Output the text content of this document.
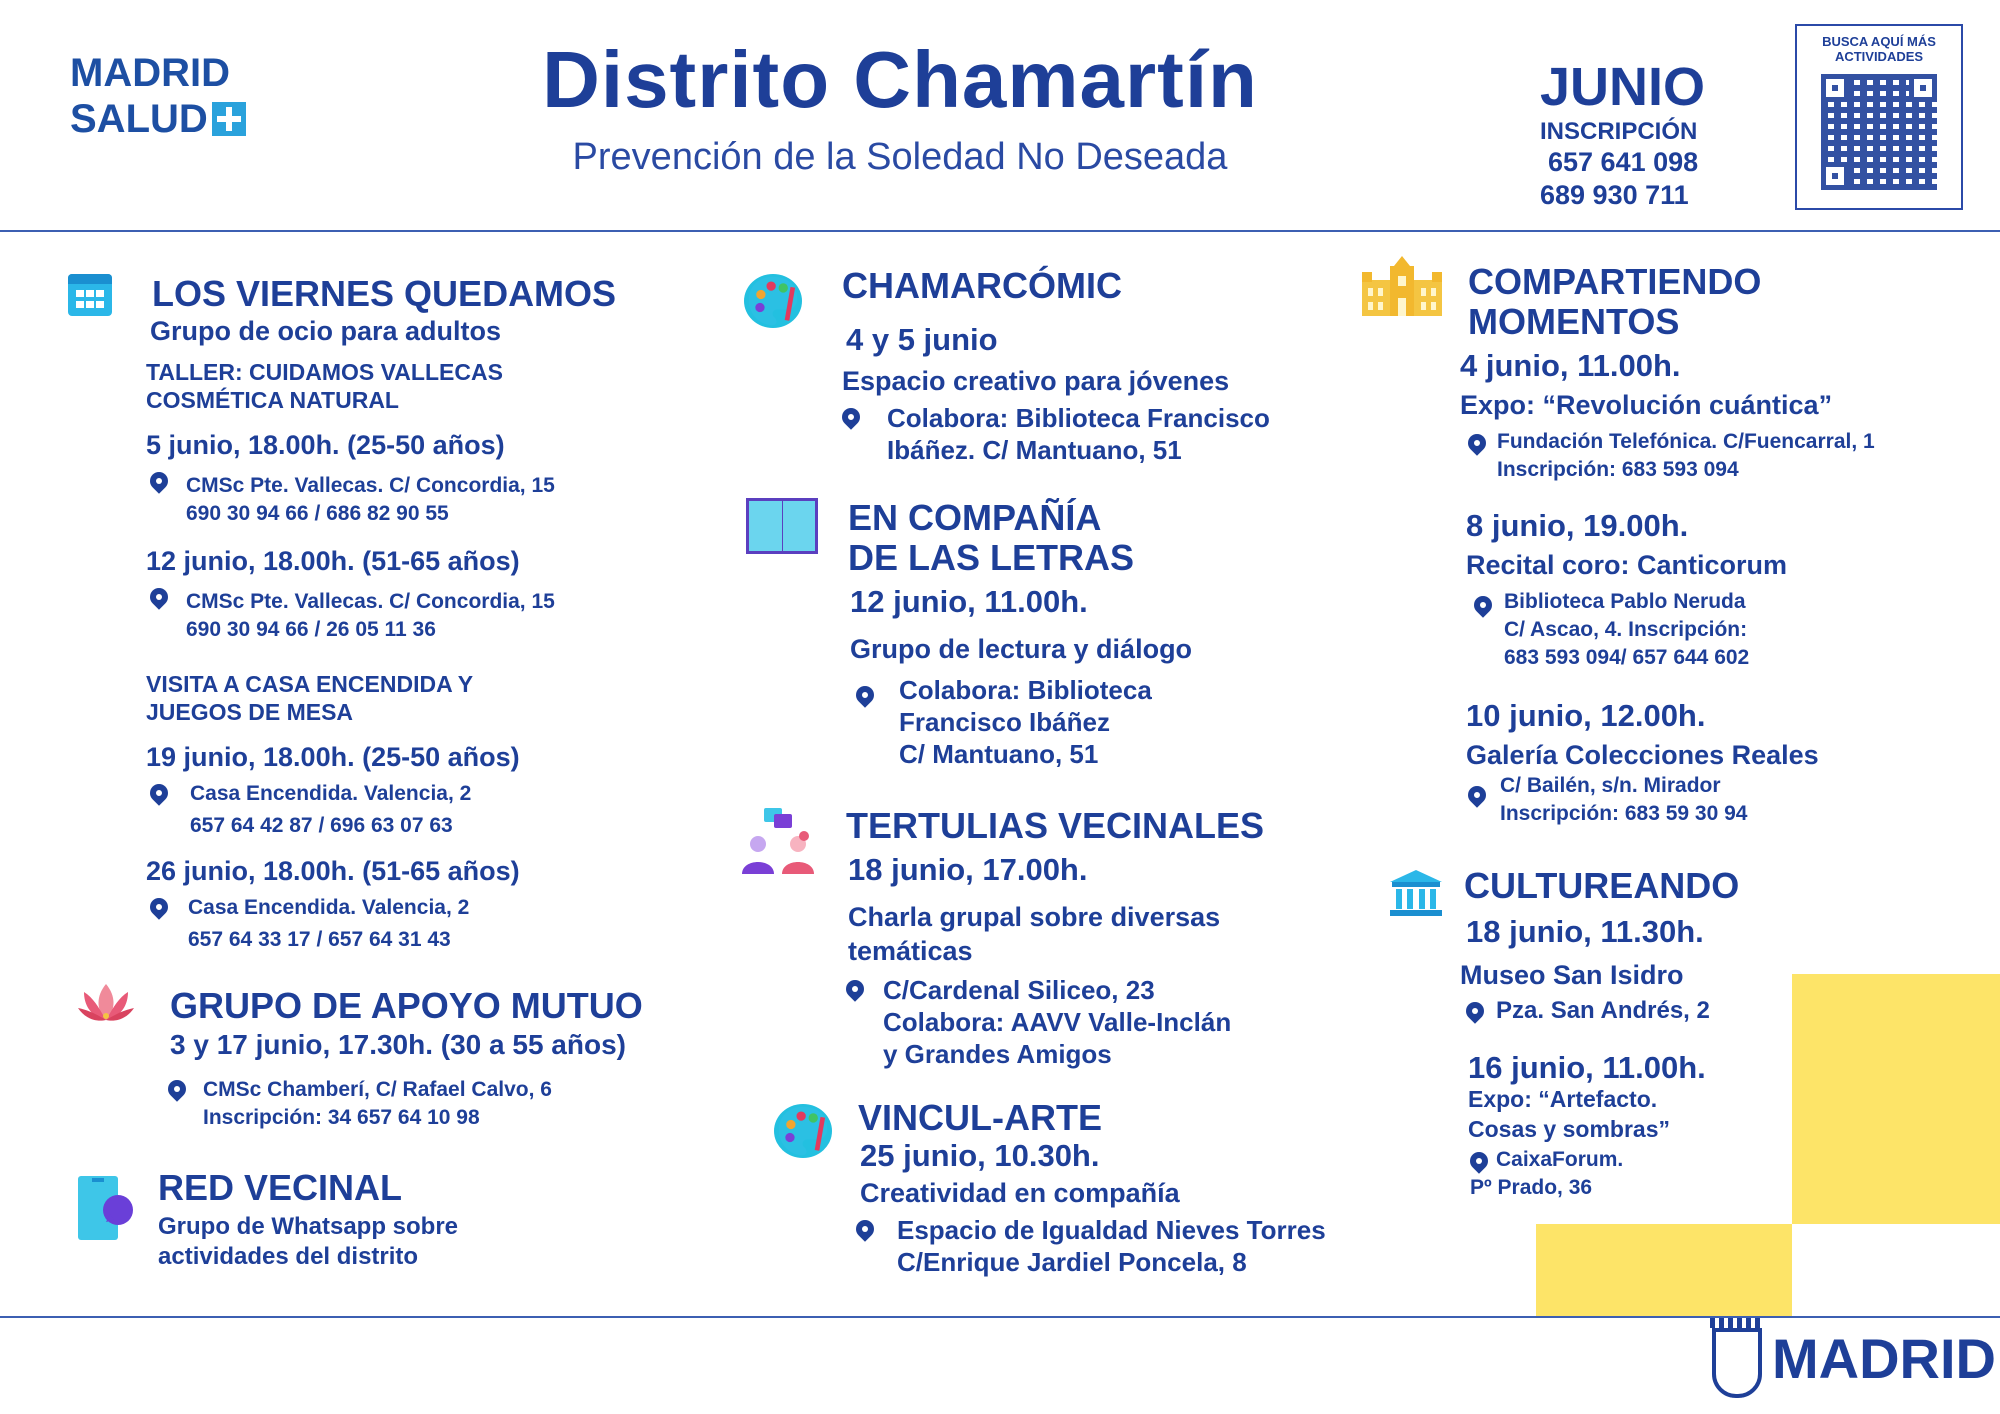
MADRID
SALUD	Distrito Chamartín
Prevención de la Soledad No Deseada
JUNIO
INSCRIPCIÓN
657 641 098
689 930 711
BUSCA AQUÍ MÁS
ACTIVIDADES
LOS VIERNES QUEDAMOS
Grupo de ocio para adultos
TALLER: CUIDAMOS VALLECAS
COSMÉTICA NATURAL
5 junio, 18.00h. (25-50 años)
CMSc Pte. Vallecas. C/ Concordia, 15
690 30 94 66 / 686 82 90 55
12 junio, 18.00h. (51-65 años)
CMSc Pte. Vallecas. C/ Concordia, 15
690 30 94 66 / 26 05 11 36
VISITA A CASA ENCENDIDA Y
JUEGOS DE MESA
19 junio, 18.00h. (25-50 años)
Casa Encendida. Valencia, 2
657 64 42 87 / 696 63 07 63
26 junio, 18.00h. (51-65 años)
Casa Encendida. Valencia, 2
657 64 33 17 / 657 64 31 43
GRUPO DE APOYO MUTUO
3 y 17 junio, 17.30h. (30 a 55 años)
CMSc Chamberí, C/ Rafael Calvo, 6
Inscripción: 34 657 64 10 98
RED VECINAL
Grupo de Whatsapp sobre
actividades del distrito
CHAMARCÓMIC
4 y 5 junio
Espacio creativo para jóvenes
Colabora: Biblioteca Francisco
Ibáñez. C/ Mantuano, 51
EN COMPAÑÍA
DE LAS LETRAS
12 junio, 11.00h.
Grupo de lectura y diálogo
Colabora: Biblioteca
Francisco Ibáñez
C/ Mantuano, 51
TERTULIAS VECINALES
18 junio, 17.00h.
Charla grupal sobre diversas
temáticas
C/Cardenal Siliceo, 23
Colabora: AAVV Valle-Inclán
y Grandes Amigos
VINCUL-ARTE
25 junio, 10.30h.
Creatividad en compañía
Espacio de Igualdad Nieves Torres
C/Enrique Jardiel Poncela, 8
COMPARTIENDO
MOMENTOS
4 junio, 11.00h.
Expo: “Revolución cuántica”
Fundación Telefónica. C/Fuencarral, 1
Inscripción: 683 593 094
8 junio, 19.00h.
Recital coro: Canticorum
Biblioteca Pablo Neruda
C/ Ascao, 4. Inscripción:
683 593 094/ 657 644 602
10 junio, 12.00h.
Galería Colecciones Reales
C/ Bailén, s/n. Mirador
Inscripción: 683 59 30 94
CULTUREANDO
18 junio, 11.30h.
Museo San Isidro
Pza. San Andrés, 2
16 junio, 11.00h.
Expo: “Artefacto.
Cosas y sombras”
CaixaForum.
Pº Prado, 36
MADRID
